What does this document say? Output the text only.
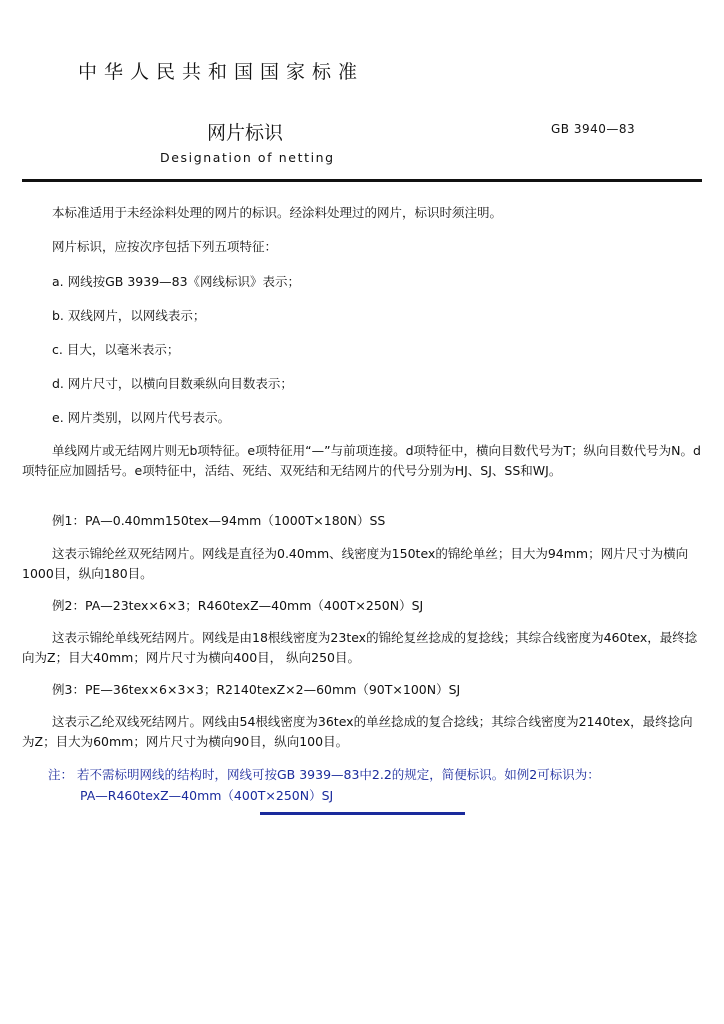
中华人民共和国国家标准
网片标识	GB 3940—83
Designation of netting
本标准适用于未经涂料处理的网片的标识。经涂料处理过的网片，标识时须注明。
网片标识，应按次序包括下列五项特征：
a. 网线按GB 3939—83《网线标识》表示；
b. 双线网片，以网线表示；
c. 目大，以毫米表示；
d. 网片尺寸，以横向目数乘纵向目数表示；
e. 网片类别，以网片代号表示。
单线网片或无结网片则无b项特征。e项特征用“—”与前项连接。d项特征中，横向目数代号为T；纵向目数代号为N。d项特征应加圆括号。e项特征中，活结、死结、双死结和无结网片的代号分别为HJ、SJ、SS和WJ。
例1：PA—0.40mm150tex—94mm（1000T×180N）SS
这表示锦纶丝双死结网片。网线是直径为0.40mm、线密度为150tex的锦纶单丝；目大为94mm；网片尺寸为横向1000目，纵向180目。
例2：PA—23tex×6×3；R460texZ—40mm（400T×250N）SJ
这表示锦纶单线死结网片。网线是由18根线密度为23tex的锦纶复丝捻成的复捻线；其综合线密度为460tex，最终捻向为Z；目大40mm；网片尺寸为横向400目， 纵向250目。
例3：PE—36tex×6×3×3；R2140texZ×2—60mm（90T×100N）SJ
这表示乙纶双线死结网片。网线由54根线密度为36tex的单丝捻成的复合捻线；其综合线密度为2140tex，最终捻向为Z；目大为60mm；网片尺寸为横向90目，纵向100目。
注： 若不需标明网线的结构时，网线可按GB 3939—83中2.2的规定，简便标识。如例2可标识为：
PA—R460texZ—40mm（400T×250N）SJ
